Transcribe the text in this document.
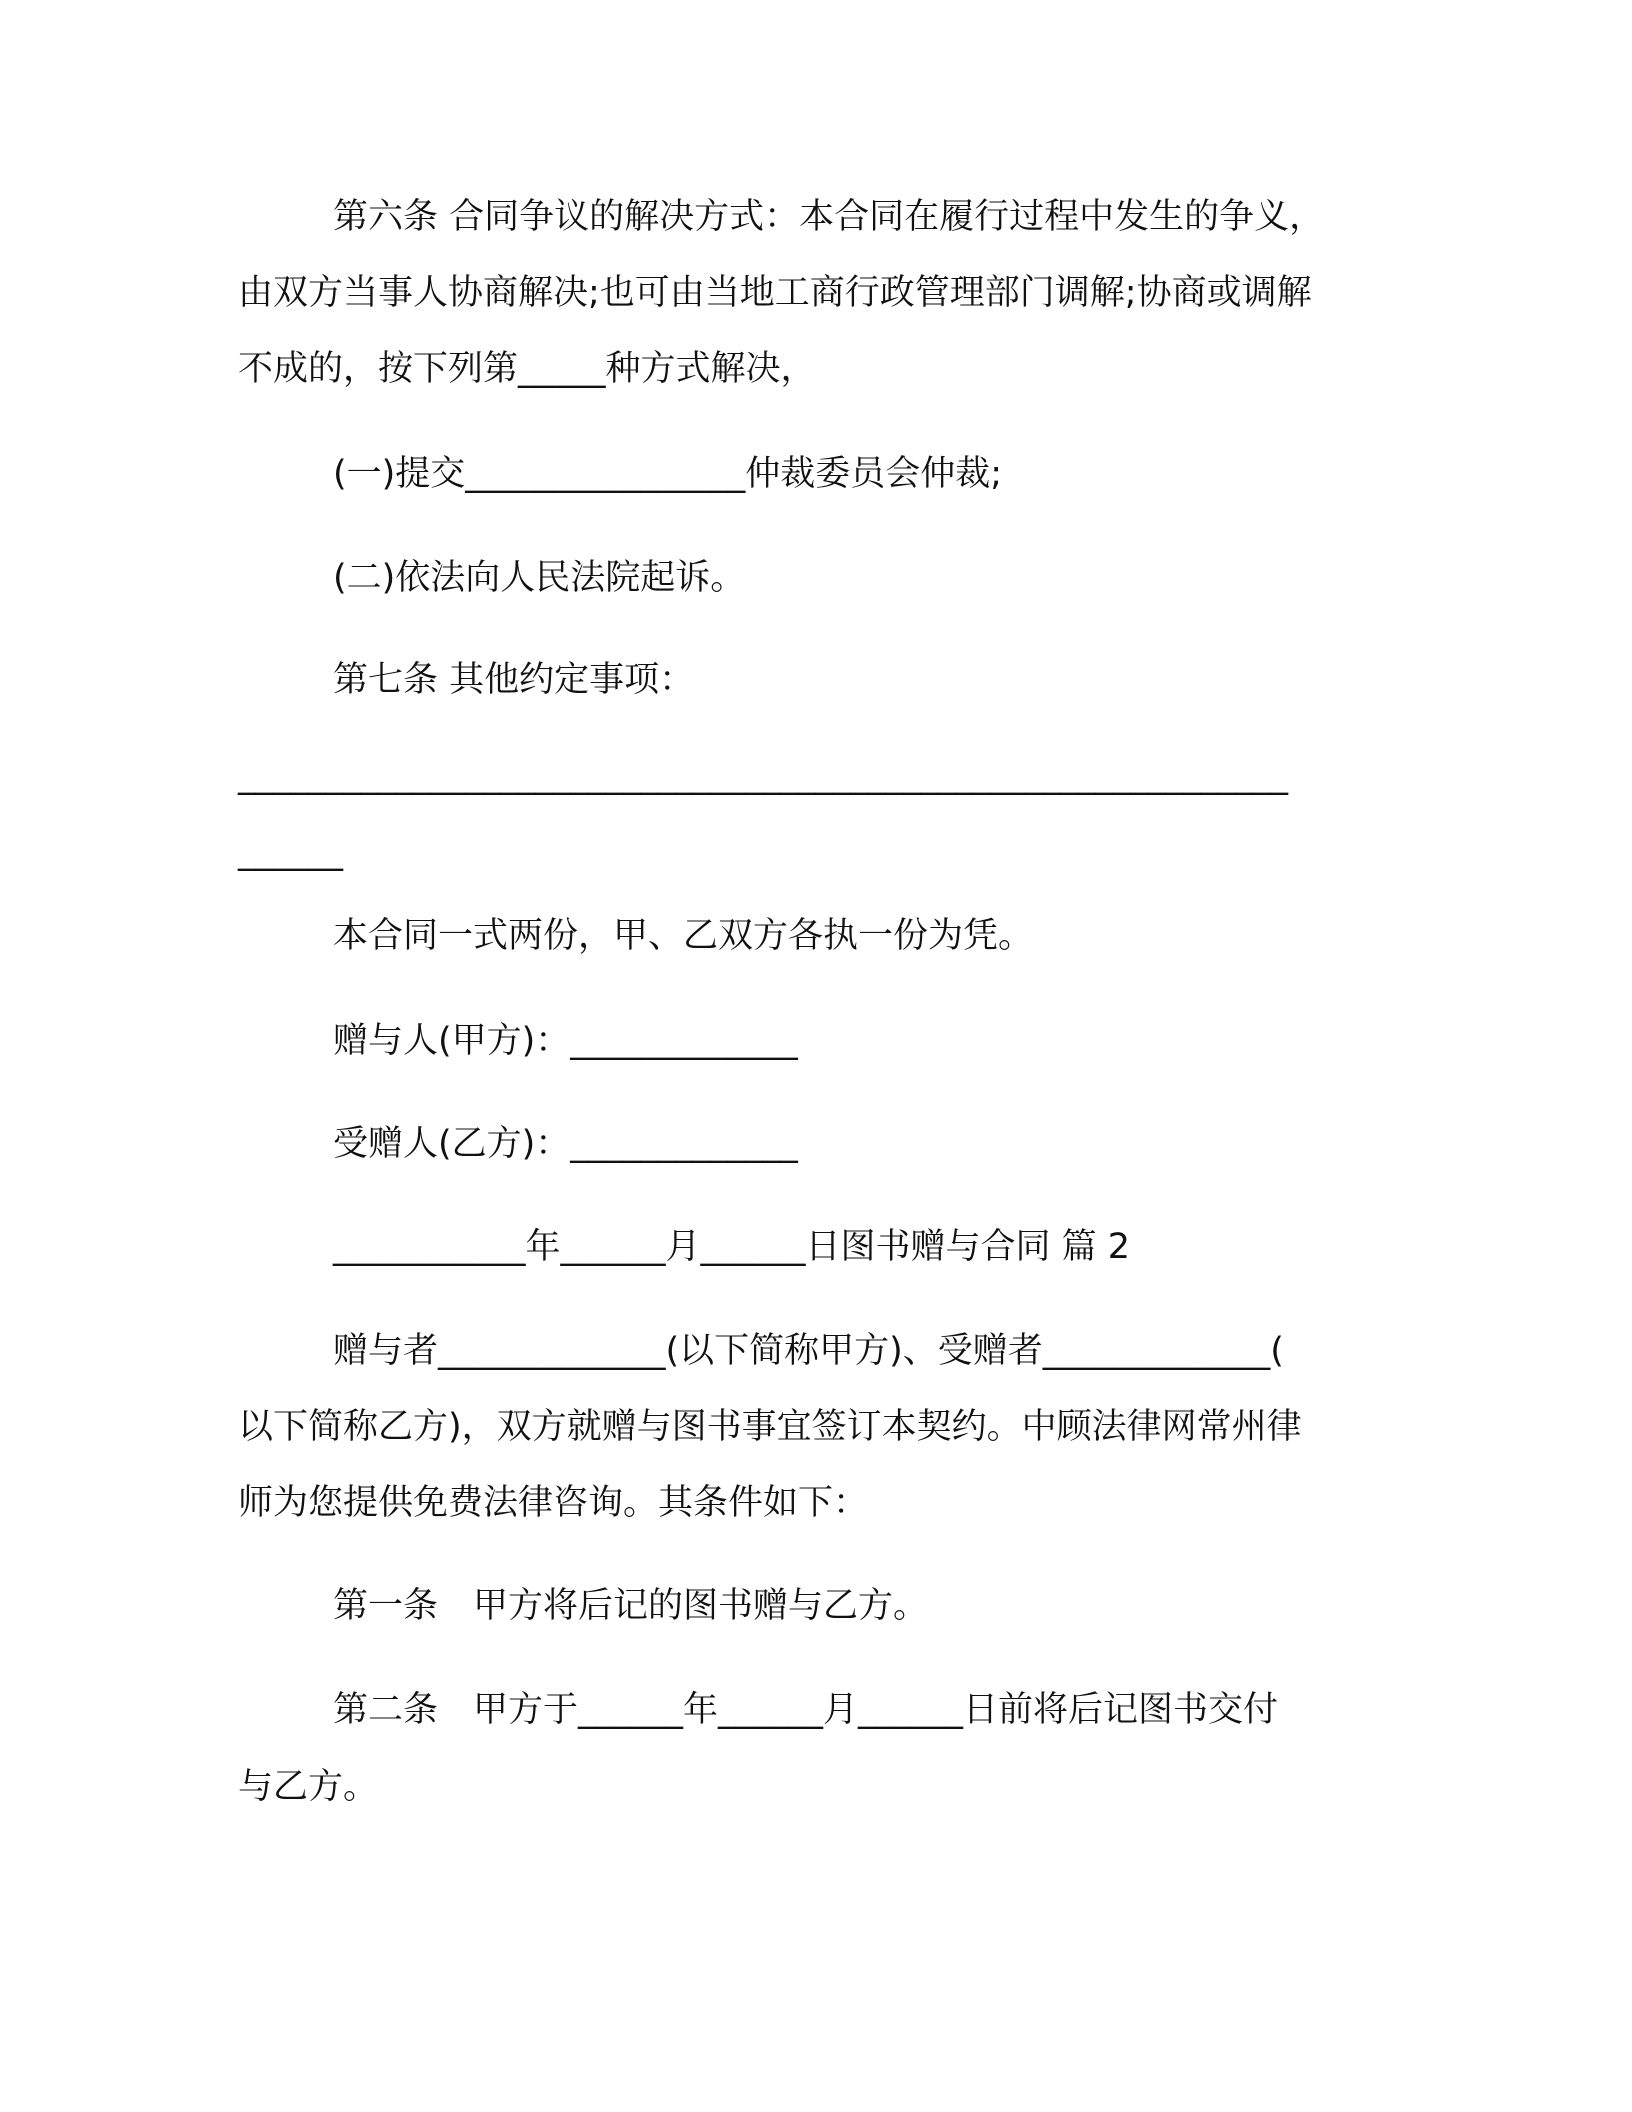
第六条 合同争议的解决方式：本合同在履行过程中发生的争义，
由双方当事人协商解决;也可由当地工商行政管理部门调解;协商或调解
不成的，按下列第_____种方式解决，
(一)提交________________仲裁委员会仲裁;
(二)依法向人民法院起诉。
第七条 其他约定事项：
____________________________________________________________
______
本合同一式两份，甲、乙双方各执一份为凭。
赠与人(甲方)：_____________
受赠人(乙方)：_____________
___________年______月______日图书赠与合同 篇 2
赠与者_____________(以下简称甲方)、受赠者_____________(
以下简称乙方)，双方就赠与图书事宜签订本契约。中顾法律网常州律
师为您提供免费法律咨询。其条件如下：
第一条　甲方将后记的图书赠与乙方。
第二条　甲方于______年______月______日前将后记图书交付
与乙方。
